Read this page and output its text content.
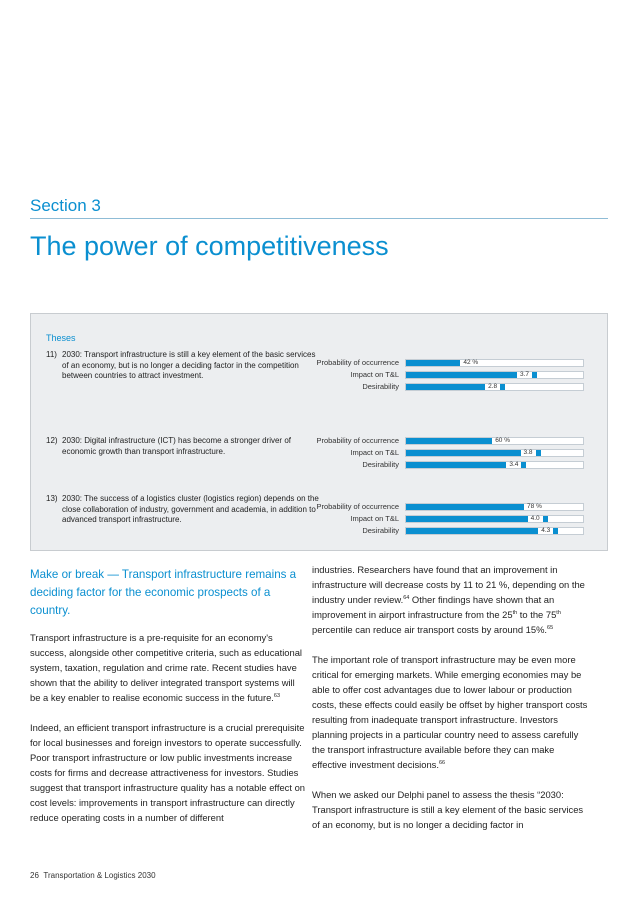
Section 3
The power of competitiveness
Theses
11) 2030: Transport infrastructure is still a key element of the basic services of an economy, but is no longer a deciding factor in the competition between countries to attract investment.
Probability of occurrence	42 %
Impact on T&L	3.7
Desirability	2.8
12) 2030: Digital infrastructure (ICT) has become a stronger driver of economic growth than transport infrastructure.
Probability of occurrence	60 %
Impact on T&L	3.8
Desirability	3.4
13) 2030: The success of a logistics cluster (logistics region) depends on the close collaboration of industry, government and academia, in addition to advanced transport infrastructure.
Probability of occurrence	78 %
Impact on T&L	4.0
Desirability	4.3
Make or break — Transport infrastructure remains a deciding factor for the economic prospects of a country.

Transport infrastructure is a pre-requisite for an economy's success, alongside other competitive criteria, such as educational system, taxation, regulation and crime rate. Recent studies have shown that the ability to deliver integrated transport systems will be a key enabler to realise economic success in the future.$^{63}$

Indeed, an efficient transport infrastructure is a crucial prerequisite for local businesses and foreign investors to operate successfully. Poor transport infrastructure or low public investments increase costs for firms and decrease attractiveness for investors. Studies suggest that transport infrastructure quality has a notable effect on cost levels: improvements in transport infrastructure can directly reduce operating costs in a number of different

industries. Researchers have found that an improvement in infrastructure will decrease costs by 11 to 21 %, depending on the industry under review.$^{64}$ Other findings have shown that an improvement in airport infrastructure from the 25th to the 75th percentile can reduce air transport costs by around 15%.$^{65}$

The important role of transport infrastructure may be even more critical for emerging markets. While emerging economies may be able to offer cost advantages due to lower labour or production costs, these effects could easily be offset by higher transport costs resulting from inadequate transport infrastructure. Investors planning projects in a particular country need to assess carefully the transport infrastructure available before they can make effective investment decisions.$^{66}$

When we asked our Delphi panel to assess the thesis “2030: Transport infrastructure is still a key element of the basic services of an economy, but is no longer a deciding factor in

26 Transportation & Logistics 2030
